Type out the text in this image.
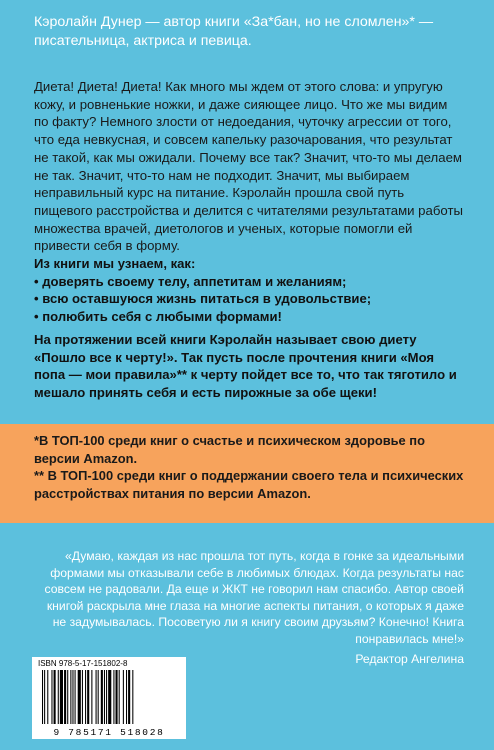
Кэролайн Дунер — автор книги «За*бан, но не сломлен»* — писательница, актриса и певица.

Диета! Диета! Диета! Как много мы ждем от этого слова: и упругую кожу, и ровненькие ножки, и даже сияющее лицо. Что же мы видим по факту? Немного злости от недоедания, чуточку агрессии от того, что еда невкусная, и совсем капельку разочарования, что результат не такой, как мы ожидали. Почему все так? Значит, что-то мы делаем не так. Значит, что-то нам не подходит. Значит, мы выбираем неправильный курс на питание. Кэролайн прошла свой путь пищевого расстройства и делится с читателями результатами работы множества врачей, диетологов и ученых, которые помогли ей привести себя в форму.

Из книги мы узнаем, как:

• доверять своему телу, аппетитам и желаниям;
• всю оставшуюся жизнь питаться в удовольствие;
• полюбить себя с любыми формами!

На протяжении всей книги Кэролайн называет свою диету «Пошло все к черту!». Так пусть после прочтения книги «Моя попа — мои правила»** к черту пойдет все то, что так тяготило и мешало принять себя и есть пирожные за обе щеки!

*В ТОП-100 среди книг о счастье и психическом здоровье по версии Amazon.

** В ТОП-100 среди книг о поддержании своего тела и психических расстройствах питания по версии Amazon.

«Думаю, каждая из нас прошла тот путь, когда в гонке за идеальными формами мы отказывали себе в любимых блюдах. Когда результаты нас совсем не радовали. Да еще и ЖКТ не говорил нам спасибо. Автор своей книгой раскрыла мне глаза на многие аспекты питания, о которых я даже не задумывалась. Посоветую ли я книгу своим друзьям? Конечно! Книга понравилась мне!»
Редактор Ангелина
ISBN 978-5-17-151802-8
9 785171 518028
